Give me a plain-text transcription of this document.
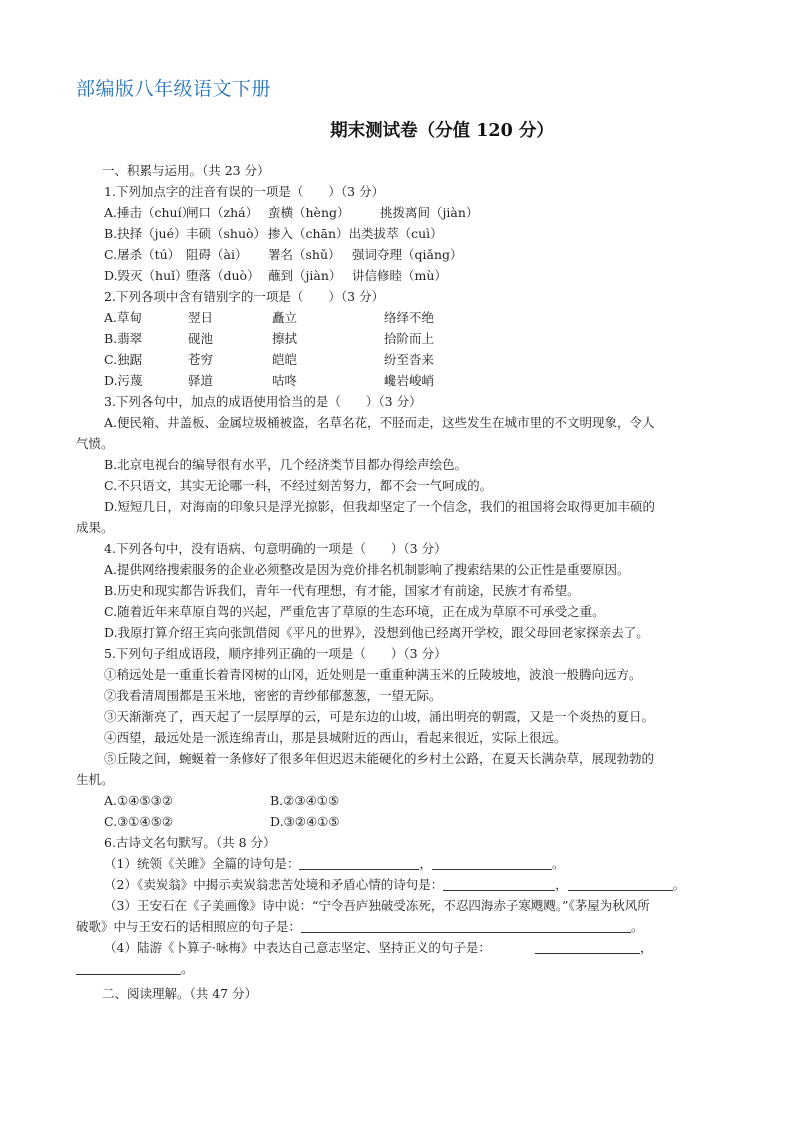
部编版八年级语文下册
期末测试卷（分值 120 分）
一、积累与运用。（共 23 分）
1.下列加点字的注音有误的一项是（　　）（3 分）
A.捶击（chuí）闸口（zhá） 蛮横（hèng） 挑拨离间（jiàn）
B.抉择（jué）丰硕（shuò） 掺入（chān）出类拔萃（cuì）
C.屠杀（tú） 阻碍（ài） 署名（shǔ） 强词夺理（qiǎng）
D.毁灭（huǐ）堕落（duò） 蘸到（jiàn） 讲信修睦（mù）
2.下列各项中含有错别字的一项是（　　）（3 分）
A.草甸	翌日	矗立	络绎不绝
B.翡翠	砚池	擦拭	拾阶而上
C.独踞	苍穷	皑皑	纷至沓来
D.污蔑	驿道	咕咚	巉岩峻峭
3.下列各句中，加点的成语使用恰当的是（　　）（3 分）
A.便民箱、井盖板、金属垃圾桶被盗，名草名花，不胫而走，这些发生在城市里的不文明现象，令人
气愤。
B.北京电视台的编导很有水平，几个经济类节目都办得绘声绘色。
C.不只语文，其实无论哪一科，不经过刻苦努力，都不会一气呵成的。
D.短短几日，对海南的印象只是浮光掠影，但我却坚定了一个信念，我们的祖国将会取得更加丰硕的
成果。
4.下列各句中，没有语病、句意明确的一项是（　　）（3 分）
A.提供网络搜索服务的企业必须整改是因为竞价排名机制影响了搜索结果的公正性是重要原因。
B.历史和现实都告诉我们，青年一代有理想，有才能，国家才有前途，民族才有希望。
C.随着近年来草原自驾的兴起，严重危害了草原的生态环境，正在成为草原不可承受之重。
D.我原打算介绍王宾向张凯借阅《平凡的世界》，没想到他已经离开学校，跟父母回老家探亲去了。
5.下列句子组成语段，顺序排列正确的一项是（　　）（3 分）
①稍远处是一重重长着青冈树的山冈，近处则是一重重种满玉米的丘陵坡地，波浪一般腾向远方。
②我看清周围都是玉米地，密密的青纱郁郁葱葱，一望无际。
③天渐渐亮了，西天起了一层厚厚的云，可是东边的山坡，涌出明亮的朝霞，又是一个炎热的夏日。
④西望，最远处是一派连绵青山，那是县城附近的西山，看起来很近，实际上很远。
⑤丘陵之间，蜿蜒着一条修好了很多年但迟迟未能硬化的乡村土公路，在夏天长满杂草，展现勃勃的
生机。
A.①④⑤③②	B.②③④①⑤
C.③①④⑤②	D.③②④①⑤
6.古诗文名句默写。（共 8 分）
（1）统领《关雎》全篇的诗句是：	，	。
（2）《卖炭翁》中揭示卖炭翁悲苦处境和矛盾心情的诗句是：	，	。
（3）王安石在《子美画像》诗中说：“宁令吾庐独破受冻死，不忍四海赤子寒飕飕。”《茅屋为秋风所
破歌》中与王安石的话相照应的句子是：	。
（4）陆游《卜算子·咏梅》中表达自己意志坚定、坚持正义的句子是：	，
。
二、阅读理解。（共 47 分）
